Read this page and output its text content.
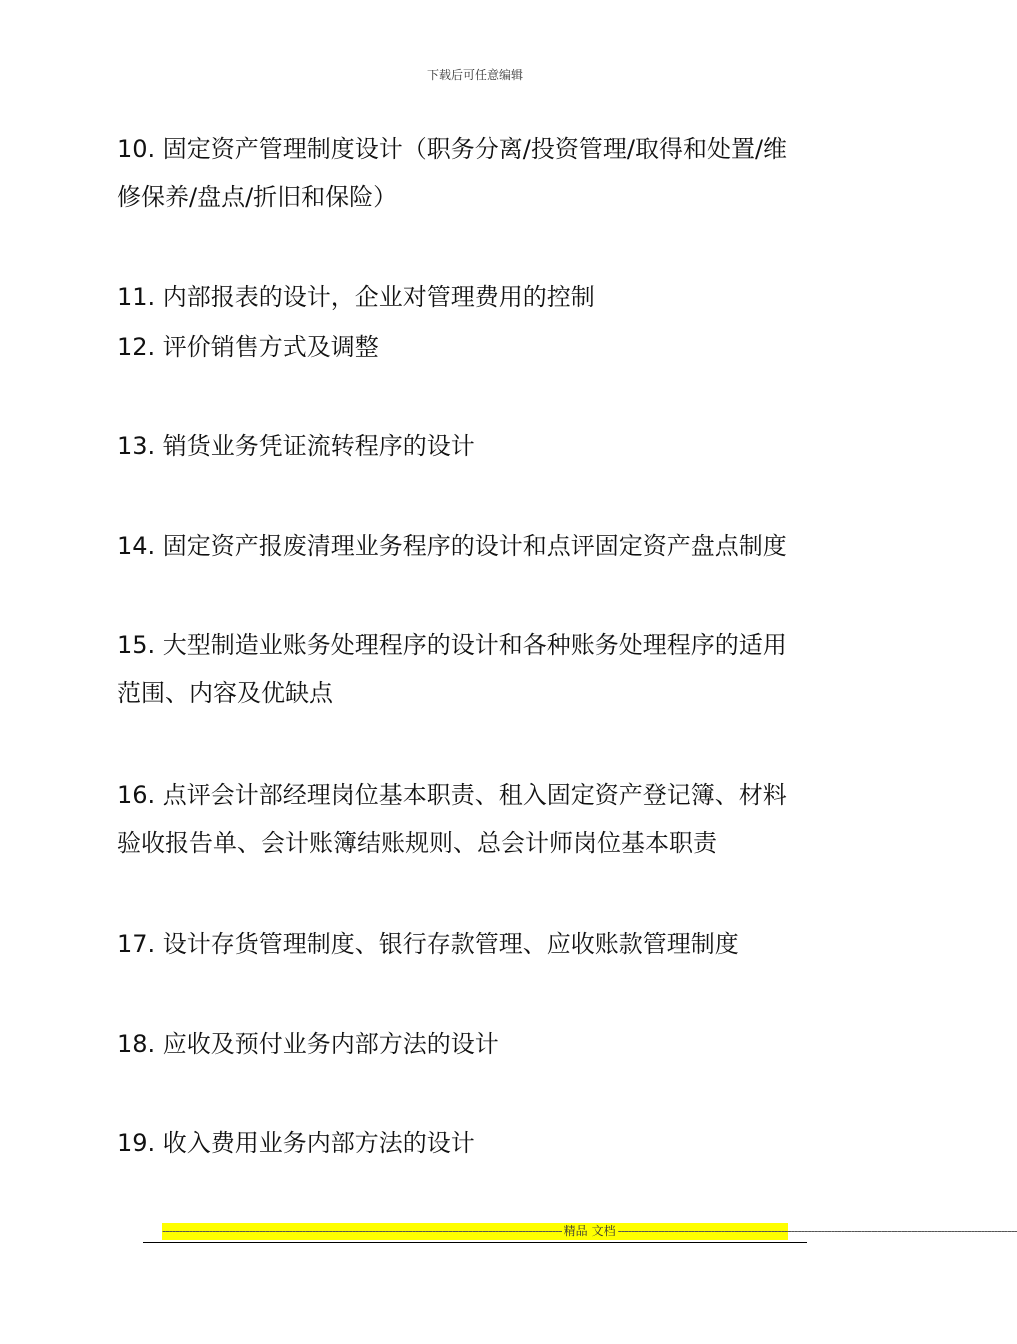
下载后可任意编辑
10. 固定资产管理制度设计（职务分离/投资管理/取得和处置/维
修保养/盘点/折旧和保险）
11. 内部报表的设计，企业对管理费用的控制
12. 评价销售方式及调整
13. 销货业务凭证流转程序的设计
14. 固定资产报废清理业务程序的设计和点评固定资产盘点制度
15. 大型制造业账务处理程序的设计和各种账务处理程序的适用
范围、内容及优缺点
16. 点评会计部经理岗位基本职责、租入固定资产登记簿、材料
验收报告单、会计账簿结账规则、总会计师岗位基本职责
17. 设计存货管理制度、银行存款管理、应收账款管理制度
18. 应收及预付业务内部方法的设计
19. 收入费用业务内部方法的设计
------------------------------------------------------------------------------------------------------------------------ 精品 文档 ------------------------------------------------------------------------------------------------------------------------
